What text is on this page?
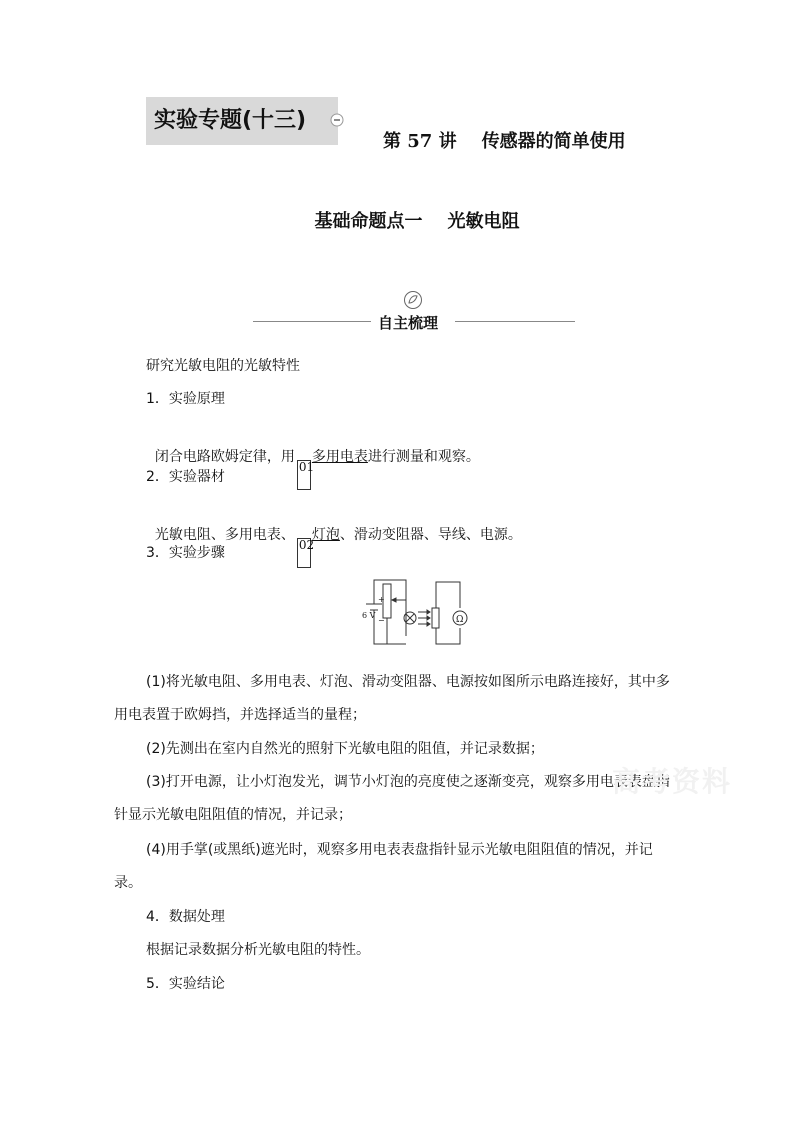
实验专题(十三)
第 57 讲    传感器的简单使用
基础命题点一    光敏电阻
自主梳理
研究光敏电阻的光敏特性
1．实验原理

闭合电路欧姆定律，用01多用电表进行测量和观察。

2．实验器材

光敏电阻、多用电表、02灯泡、滑动变阻器、导线、电源。

3．实验步骤
6 V
+
−	Ω
(1)将光敏电阻、多用电表、灯泡、滑动变阻器、电源按如图所示电路连接好，其中多用电表置于欧姆挡，并选择适当的量程；
(2)先测出在室内自然光的照射下光敏电阻的阻值，并记录数据；
(3)打开电源，让小灯泡发光，调节小灯泡的亮度使之逐渐变亮，观察多用电表表盘指针显示光敏电阻阻值的情况，并记录；
(4)用手掌(或黑纸)遮光时，观察多用电表表盘指针显示光敏电阻阻值的情况，并记录。
4．数据处理
根据记录数据分析光敏电阻的特性。
5．实验结论
高考资料
